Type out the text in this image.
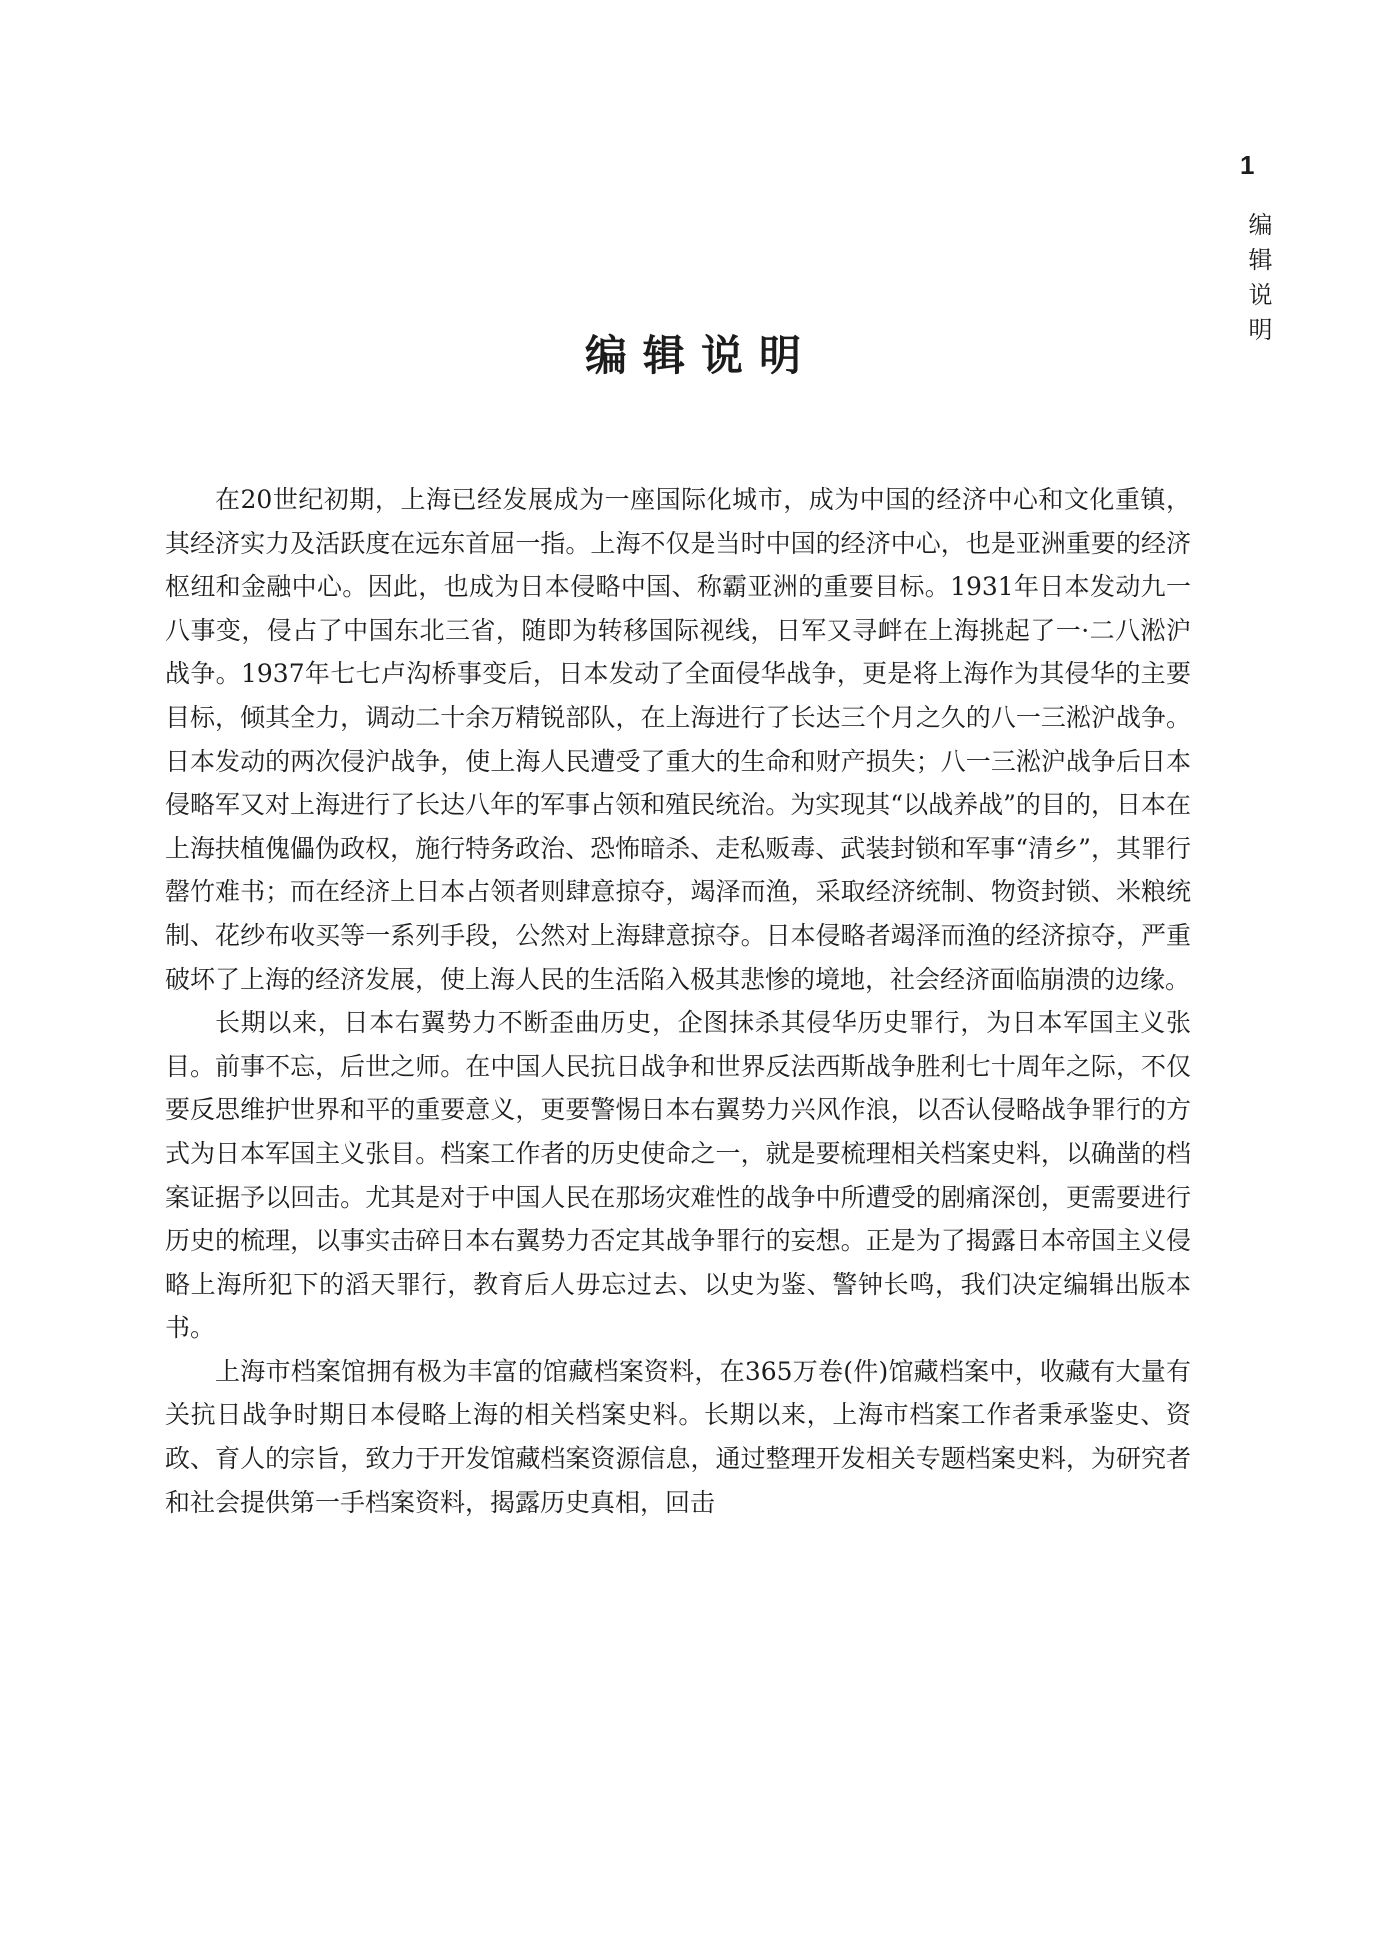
1
编辑说明
编辑说明

在20世纪初期，上海已经发展成为一座国际化城市，成为中国的经济中心和文化重镇，其经济实力及活跃度在远东首屈一指。上海不仅是当时中国的经济中心，也是亚洲重要的经济枢纽和金融中心。因此，也成为日本侵略中国、称霸亚洲的重要目标。1931年日本发动九一八事变，侵占了中国东北三省，随即为转移国际视线，日军又寻衅在上海挑起了一·二八淞沪战争。1937年七七卢沟桥事变后，日本发动了全面侵华战争，更是将上海作为其侵华的主要目标，倾其全力，调动二十余万精锐部队，在上海进行了长达三个月之久的八一三淞沪战争。日本发动的两次侵沪战争，使上海人民遭受了重大的生命和财产损失；八一三淞沪战争后日本侵略军又对上海进行了长达八年的军事占领和殖民统治。为实现其“以战养战”的目的，日本在上海扶植傀儡伪政权，施行特务政治、恐怖暗杀、走私贩毒、武装封锁和军事“清乡”，其罪行罄竹难书；而在经济上日本占领者则肆意掠夺，竭泽而渔，采取经济统制、物资封锁、米粮统制、花纱布收买等一系列手段，公然对上海肆意掠夺。日本侵略者竭泽而渔的经济掠夺，严重破坏了上海的经济发展，使上海人民的生活陷入极其悲惨的境地，社会经济面临崩溃的边缘。

长期以来，日本右翼势力不断歪曲历史，企图抹杀其侵华历史罪行，为日本军国主义张目。前事不忘，后世之师。在中国人民抗日战争和世界反法西斯战争胜利七十周年之际，不仅要反思维护世界和平的重要意义，更要警惕日本右翼势力兴风作浪，以否认侵略战争罪行的方式为日本军国主义张目。档案工作者的历史使命之一，就是要梳理相关档案史料，以确凿的档案证据予以回击。尤其是对于中国人民在那场灾难性的战争中所遭受的剧痛深创，更需要进行历史的梳理，以事实击碎日本右翼势力否定其战争罪行的妄想。正是为了揭露日本帝国主义侵略上海所犯下的滔天罪行，教育后人毋忘过去、以史为鉴、警钟长鸣，我们决定编辑出版本书。

上海市档案馆拥有极为丰富的馆藏档案资料，在365万卷(件)馆藏档案中，收藏有大量有关抗日战争时期日本侵略上海的相关档案史料。长期以来，上海市档案工作者秉承鉴史、资政、育人的宗旨，致力于开发馆藏档案资源信息，通过整理开发相关专题档案史料，为研究者和社会提供第一手档案资料，揭露历史真相，回击
